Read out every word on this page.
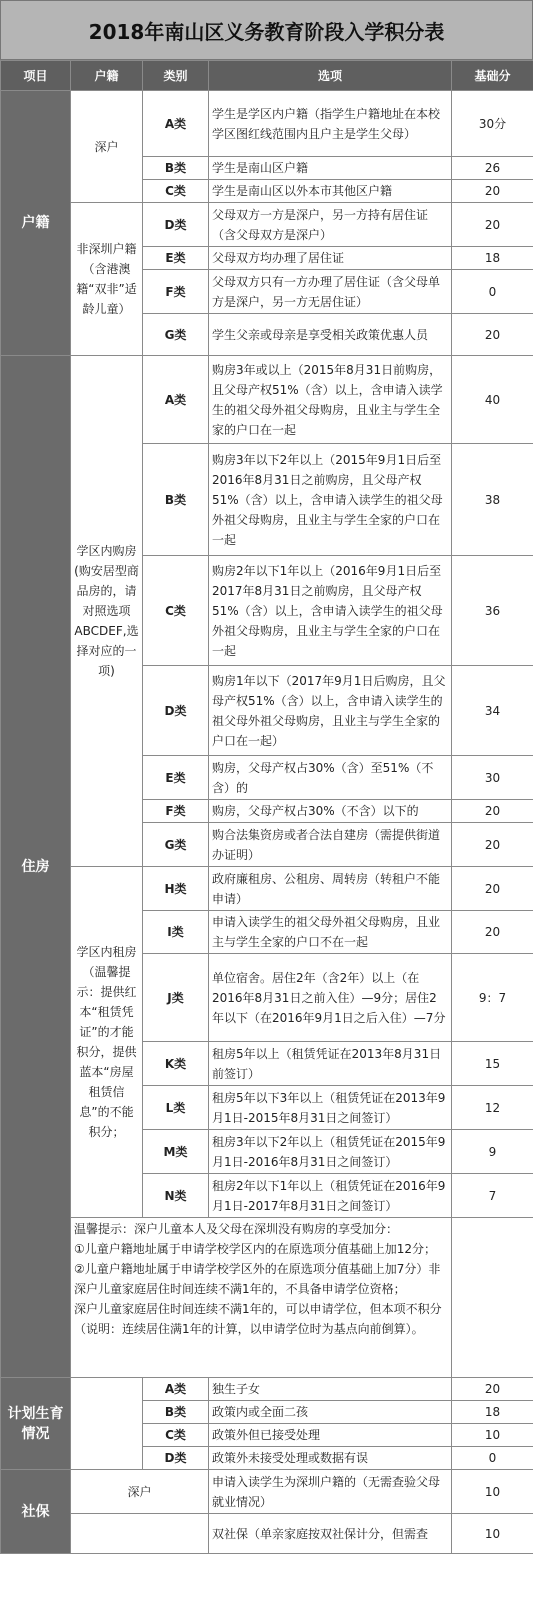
2018年南山区义务教育阶段入学积分表
项目	户籍	类别	选项	基础分
户籍	深户	A类	学生是学区内户籍（指学生户籍地址在本校学区图红线范围内且户主是学生父母）	30分
		B类	学生是南山区户籍	26
		C类	学生是南山区以外本市其他区户籍	20
	非深圳户籍（含港澳籍“双非”适龄儿童）	D类	父母双方一方是深户，另一方持有居住证（含父母双方是深户）	20
		E类	父母双方均办理了居住证	18
		F类	父母双方只有一方办理了居住证（含父母单方是深户，另一方无居住证）	0
		G类	学生父亲或母亲是享受相关政策优惠人员	20
住房	学区内购房(购安居型商品房的，请对照选项ABCDEF,选择对应的一项)	A类	购房3年或以上（2015年8月31日前购房，且父母产权51%（含）以上，含申请入读学生的祖父母外祖父母购房，且业主与学生全家的户口在一起	40
		B类	购房3年以下2年以上（2015年9月1日后至2016年8月31日之前购房，且父母产权51%（含）以上，含申请入读学生的祖父母外祖父母购房，且业主与学生全家的户口在一起	38
		C类	购房2年以下1年以上（2016年9月1日后至2017年8月31日之前购房，且父母产权51%（含）以上，含申请入读学生的祖父母外祖父母购房，且业主与学生全家的户口在一起	36
		D类	购房1年以下（2017年9月1日后购房，且父母产权51%（含）以上，含申请入读学生的祖父母外祖父母购房，且业主与学生全家的户口在一起）	34
		E类	购房，父母产权占30%（含）至51%（不含）的	30
		F类	购房，父母产权占30%（不含）以下的	20
		G类	购合法集资房或者合法自建房（需提供街道办证明）	20
	学区内租房（温馨提示：提供红本“租赁凭证”的才能积分，提供蓝本“房屋租赁信息”的不能积分；	H类	政府廉租房、公租房、周转房（转租户不能申请）	20
		I类	申请入读学生的祖父母外祖父母购房，且业主与学生全家的户口不在一起	20
		J类	单位宿舍。居住2年（含2年）以上（在2016年8月31日之前入住）—9分；居住2年以下（在2016年9月1日之后入住）—7分	9：7
		K类	租房5年以上（租赁凭证在2013年8月31日前签订）	15
		L类	租房5年以下3年以上（租赁凭证在2013年9月1日-2015年8月31日之间签订）	12
		M类	租房3年以下2年以上（租赁凭证在2015年9月1日-2016年8月31日之间签订）	9
		N类	租房2年以下1年以上（租赁凭证在2016年9月1日-2017年8月31日之间签订）	7

	温馨提示：深户儿童本人及父母在深圳没有购房的享受加分：
①儿童户籍地址属于申请学校学区内的在原选项分值基础上加12分；
②儿童户籍地址属于申请学校学区外的在原选项分值基础上加7分）非深户儿童家庭居住时间连续不满1年的，不具备申请学位资格；
深户儿童家庭居住时间连续不满1年的，可以申请学位，但本项不积分（说明：连续居住满1年的计算，以申请学位时为基点向前倒算）。			

计划生育情况		A类	独生子女	20
		B类	政策内或全面二孩	18
		C类	政策外但已接受处理	10
		D类	政策外未接受处理或数据有误	0
社保	深户		申请入读学生为深圳户籍的（无需查验父母就业情况）	10
			双社保（单亲家庭按双社保计分，但需查	10
